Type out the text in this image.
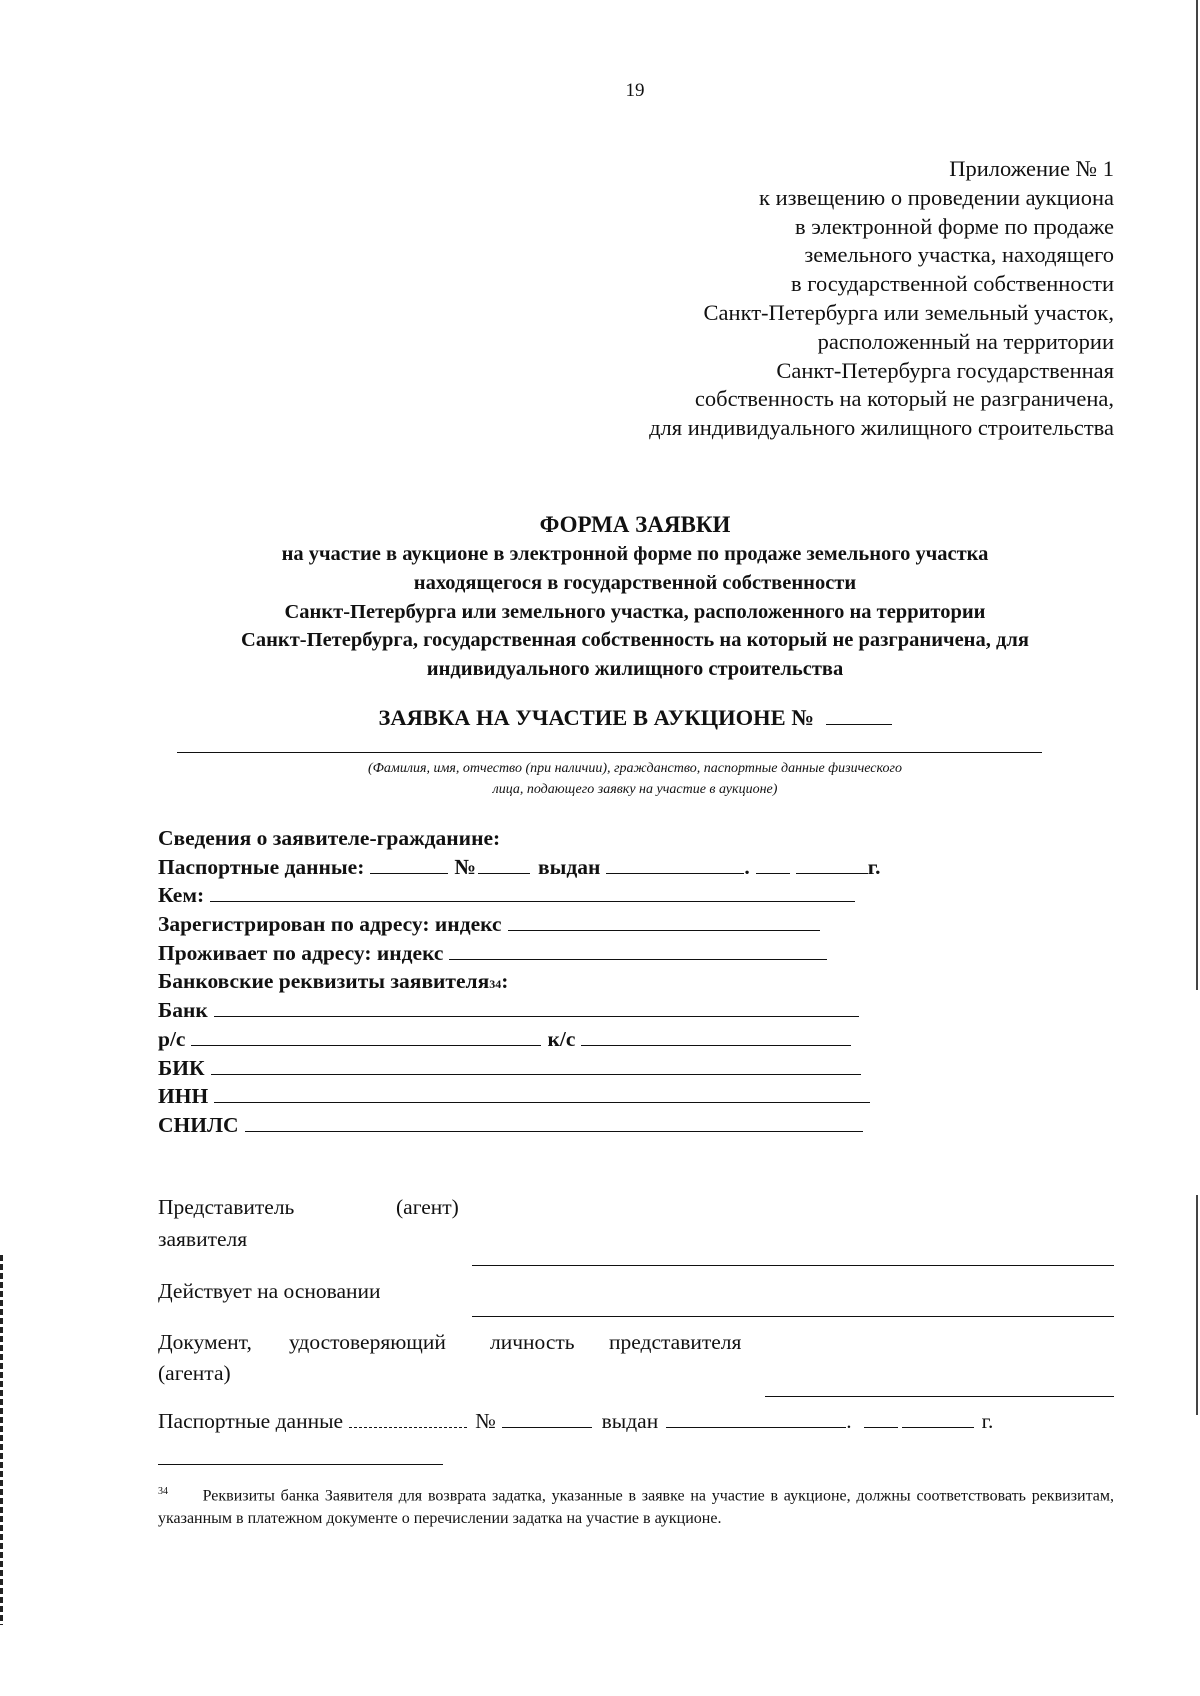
19
Приложение № 1
к извещению о проведении аукциона
в электронной форме по продаже
земельного участка, находящего
в государственной собственности
Санкт-Петербурга или земельный участок,
расположенный на территории
Санкт-Петербурга государственная
собственность на который не разграничена,
для индивидуального жилищного строительства
ФОРМА ЗАЯВКИ
на участие в аукционе в электронной форме по продаже земельного участка
находящегося в государственной собственности
Санкт-Петербурга или земельного участка, расположенного на территории
Санкт-Петербурга, государственная собственность на который не разграничена, для
индивидуального жилищного строительства
ЗАЯВКА НА УЧАСТИЕ В АУКЦИОНЕ №
(Фамилия, имя, отчество (при наличии), гражданство, паспортные данные физического
лица, подающего заявку на участие в аукционе)
Сведения о заявителе-гражданине:
Паспортные данные:	№	выдан	.	г.
Кем:
Зарегистрирован по адресу: индекс
Проживает по адресу: индекс
Банковские реквизиты заявителя 34 :
Банк
р/с	к/с
БИК
ИНН
СНИЛС
Представитель	(агент)
заявителя
Действует на основании
Документ, удостоверяющий личность представителя
(агента)
Паспортные данные	№	выдан	.	г.
$^{34}$ Реквизиты банка Заявителя для возврата задатка, указанные в заявке на участие в аукционе, должны соответствовать реквизитам, указанным в платежном документе о перечислении задатка на участие в аукционе.
